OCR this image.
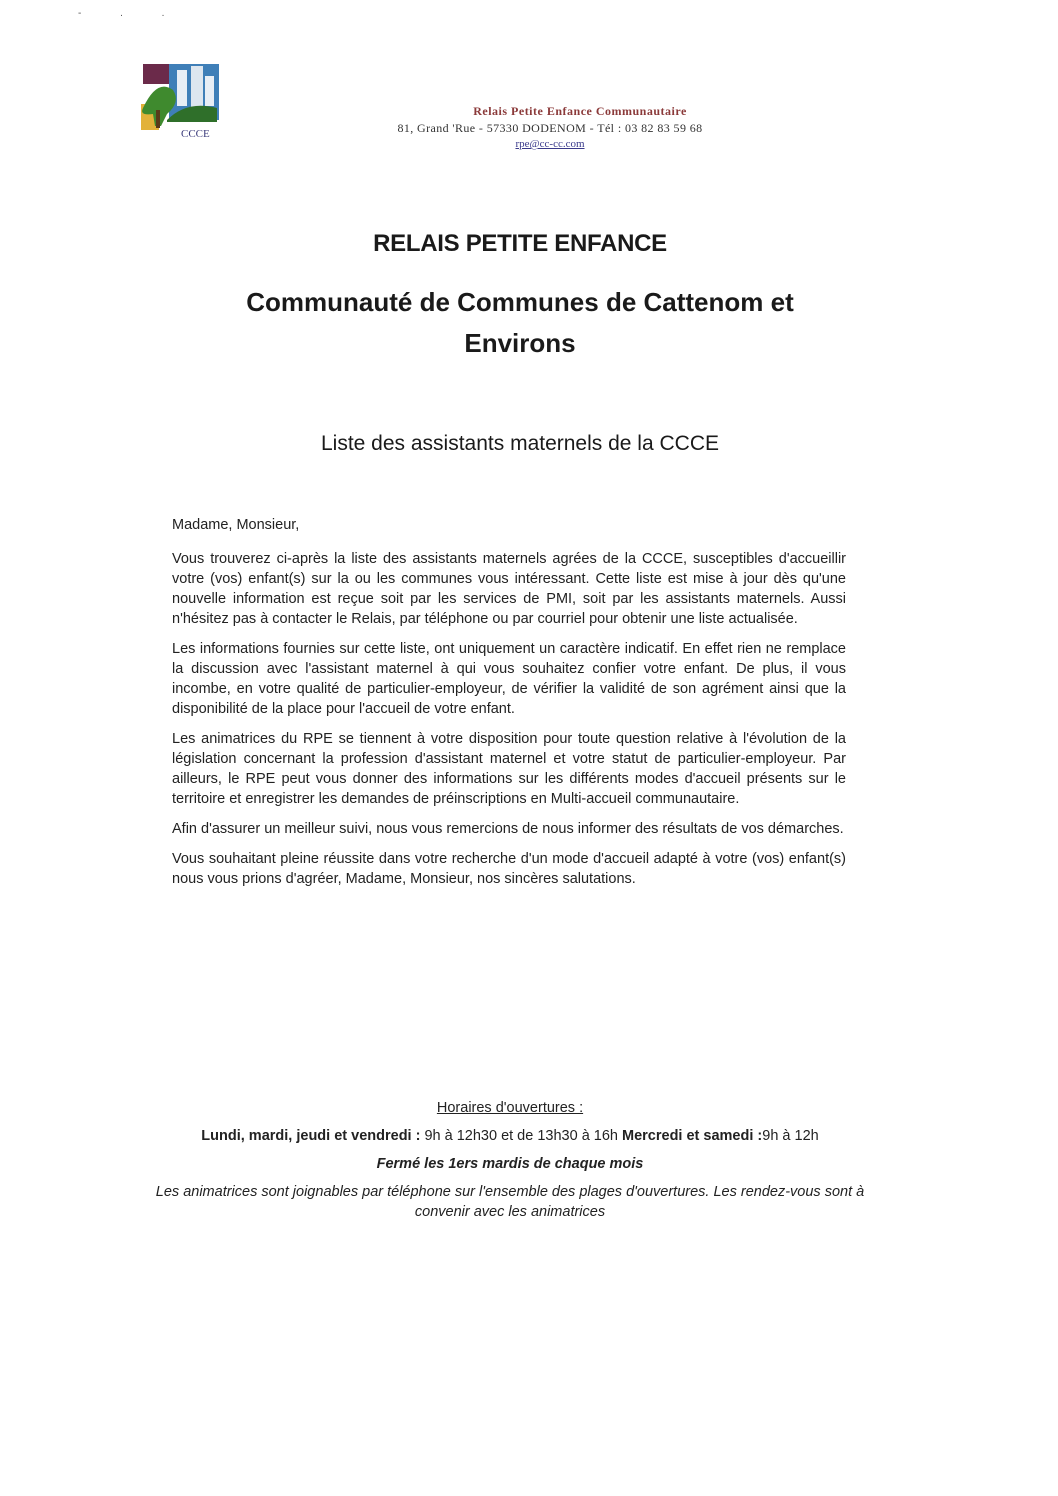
- . .
CCCE
Relais Petite Enfance Communautaire
81, Grand 'Rue - 57330 DODENOM - Tél : 03 82 83 59 68
rpe@cc-cc.com
RELAIS PETITE ENFANCE
Communauté de Communes de Cattenom et Environs
Liste des assistants maternels de la CCCE

Madame, Monsieur,

Vous trouverez ci-après la liste des assistants maternels agrées de la CCCE, susceptibles d'accueillir votre (vos) enfant(s) sur la ou les communes vous intéressant. Cette liste est mise à jour dès qu'une nouvelle information est reçue soit par les services de PMI, soit par les assistants maternels. Aussi n'hésitez pas à contacter le Relais, par téléphone ou par courriel pour obtenir une liste actualisée.

Les informations fournies sur cette liste, ont uniquement un caractère indicatif. En effet rien ne remplace la discussion avec l'assistant maternel à qui vous souhaitez confier votre enfant. De plus, il vous incombe, en votre qualité de particulier-employeur, de vérifier la validité de son agrément ainsi que la disponibilité de la place pour l'accueil de votre enfant.

Les animatrices du RPE se tiennent à votre disposition pour toute question relative à l'évolution de la législation concernant la profession d'assistant maternel et votre statut de particulier-employeur. Par ailleurs, le RPE peut vous donner des informations sur les différents modes d'accueil présents sur le territoire et enregistrer les demandes de préinscriptions en Multi-accueil communautaire.

Afin d'assurer un meilleur suivi, nous vous remercions de nous informer des résultats de vos démarches.

Vous souhaitant pleine réussite dans votre recherche d'un mode d'accueil adapté à votre (vos) enfant(s) nous vous prions d'agréer, Madame, Monsieur, nos sincères salutations.

Horaires d'ouvertures :
Lundi, mardi, jeudi et vendredi : 9h à 12h30 et de 13h30 à 16h Mercredi et samedi :9h à 12h
Fermé les 1ers mardis de chaque mois
Les animatrices sont joignables par téléphone sur l'ensemble des plages d'ouvertures. Les rendez-vous sont à convenir avec les animatrices
